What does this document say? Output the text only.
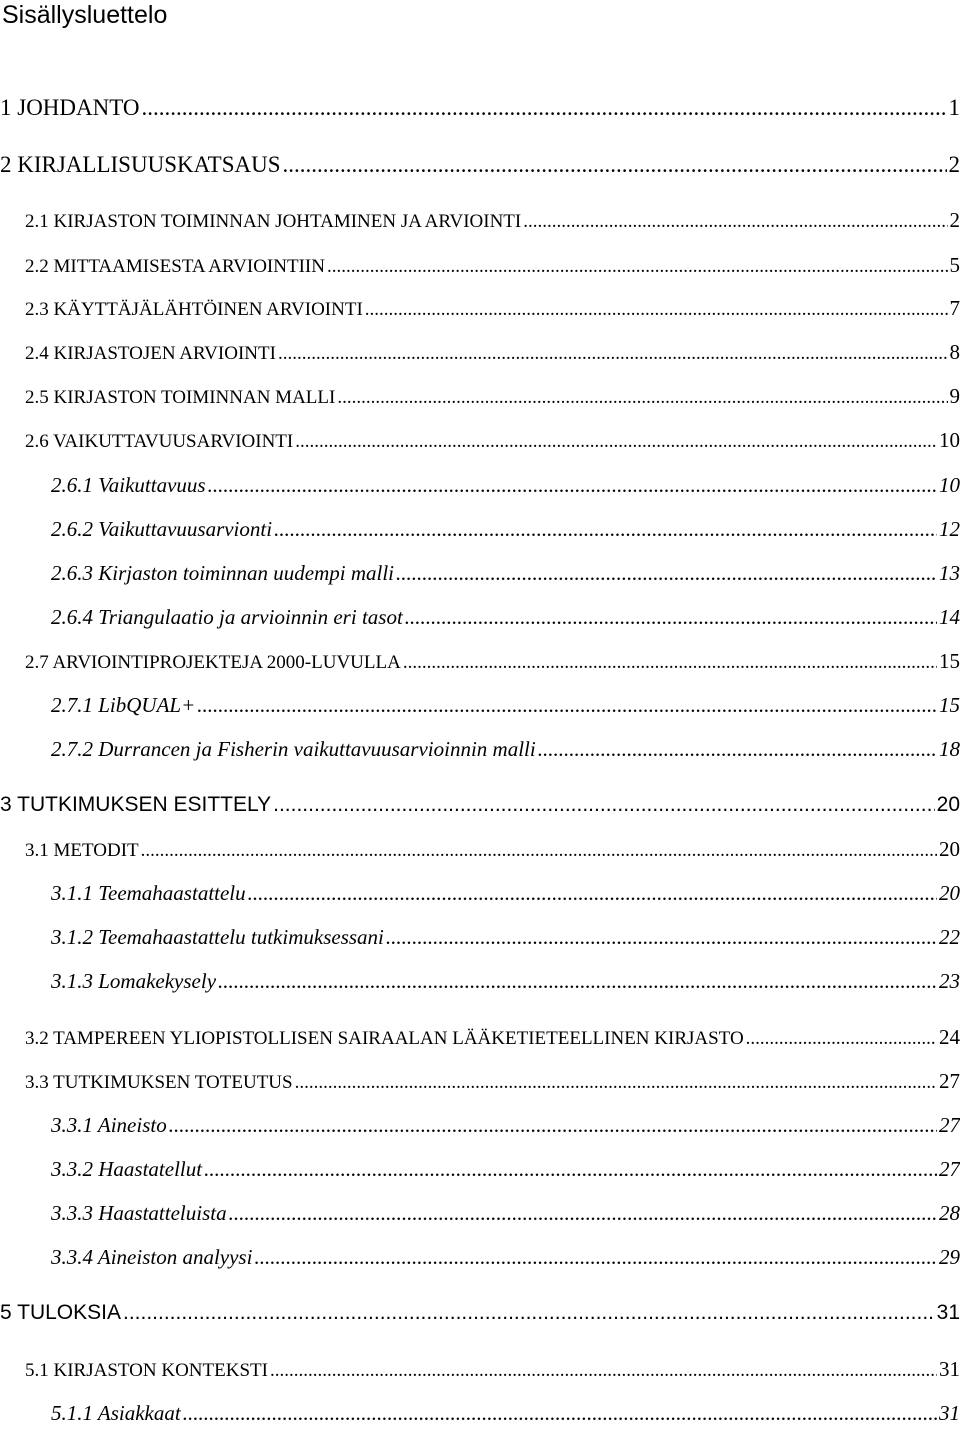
Sisällysluettelo
1 JOHDANTO .....	1
2 KIRJALLISUUSKATSAUS .....	2
2.1 KIRJASTON TOIMINNAN JOHTAMINEN JA ARVIOINTI .....	2
2.2 MITTAAMISESTA ARVIOINTIIN .....	5
2.3 KÄYTTÄJÄLÄHTÖINEN ARVIOINTI .....	7
2.4 KIRJASTOJEN ARVIOINTI .....	8
2.5 KIRJASTON TOIMINNAN MALLI .....	9
2.6 VAIKUTTAVUUSARVIOINTI .....	10
2.6.1 Vaikuttavuus .....	10
2.6.2 Vaikuttavuusarvionti .....	12
2.6.3 Kirjaston toiminnan uudempi malli .....	13
2.6.4 Triangulaatio ja arvioinnin eri tasot .....	14
2.7 ARVIOINTIPROJEKTEJA 2000-LUVULLA .....	15
2.7.1 LibQUAL+ .....	15
2.7.2 Durrancen ja Fisherin vaikuttavuusarvioinnin malli .....	18
3 TUTKIMUKSEN ESITTELY .....	20
3.1 METODIT .....	20
3.1.1 Teemahaastattelu .....	20
3.1.2 Teemahaastattelu tutkimuksessani .....	22
3.1.3 Lomakekysely .....	23
3.2 TAMPEREEN YLIOPISTOLLISEN SAIRAALAN LÄÄKETIETEELLINEN KIRJASTO .....	24
3.3 TUTKIMUKSEN TOTEUTUS .....	27
3.3.1 Aineisto .....	27
3.3.2 Haastatellut .....	27
3.3.3 Haastatteluista .....	28
3.3.4 Aineiston analyysi .....	29
5 TULOKSIA .....	31
5.1 KIRJASTON KONTEKSTI .....	31
5.1.1 Asiakkaat .....	31
